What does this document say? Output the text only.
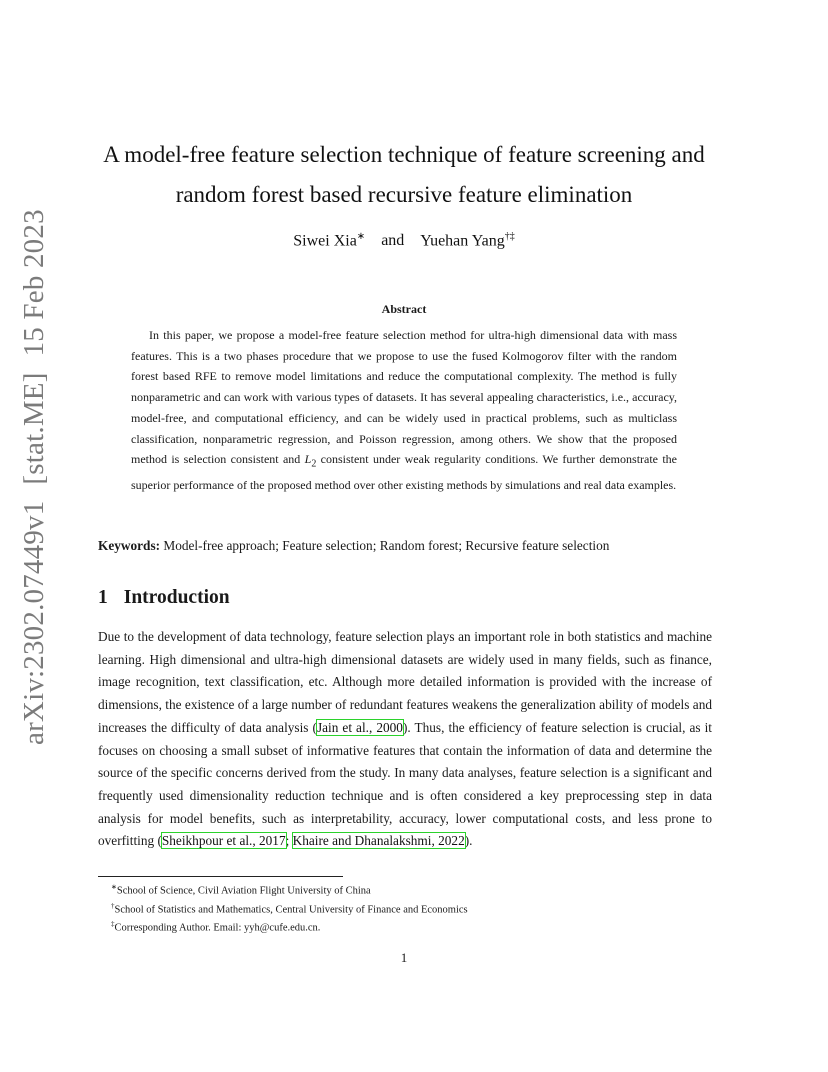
arXiv:2302.07449v1[stat.ME]15 Feb 2023
A model-free feature selection technique of feature screening and
random forest based recursive feature elimination
Siwei Xia∗ and Yuehan Yang†‡
Abstract
In this paper, we propose a model-free feature selection method for ultra-high dimensional data with mass features. This is a two phases procedure that we propose to use the fused Kolmogorov filter with the random forest based RFE to remove model limitations and reduce the computational complexity. The method is fully nonparametric and can work with various types of datasets. It has several appealing characteristics, i.e., accuracy, model-free, and computational efficiency, and can be widely used in practical problems, such as multiclass classification, nonparametric regression, and Poisson regression, among others. We show that the proposed method is selection consistent and $L_2$ consistent under weak regularity conditions. We further demonstrate the superior performance of the proposed method over other existing methods by simulations and real data examples.
Keywords: Model-free approach; Feature selection; Random forest; Recursive feature selection
1 Introduction
Due to the development of data technology, feature selection plays an important role in both statistics and machine learning. High dimensional and ultra-high dimensional datasets are widely used in many fields, such as finance, image recognition, text classification, etc. Although more detailed information is provided with the increase of dimensions, the existence of a large number of redundant features weakens the generalization ability of models and increases the difficulty of data analysis (Jain et al., 2000). Thus, the efficiency of feature selection is crucial, as it focuses on choosing a small subset of informative features that contain the information of data and determine the source of the specific concerns derived from the study. In many data analyses, feature selection is a significant and frequently used dimensionality reduction technique and is often considered a key preprocessing step in data analysis for model benefits, such as interpretability, accuracy, lower computational costs, and less prone to overfitting (Sheikhpour et al., 2017; Khaire and Dhanalakshmi, 2022).
∗School of Science, Civil Aviation Flight University of China
†School of Statistics and Mathematics, Central University of Finance and Economics
‡Corresponding Author. Email: yyh@cufe.edu.cn.
1
